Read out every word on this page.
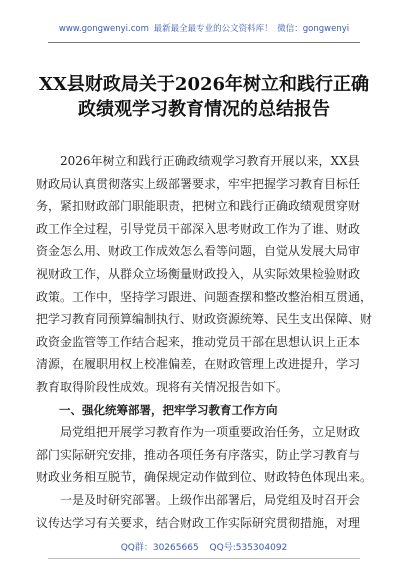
www.gongwenyi.com 最新最全最专业的公文资料库！ 微信：gongwenyi
XX县财政局关于2026年树立和践行正确
政绩观学习教育情况的总结报告
　　2026年树立和践行正确政绩观学习教育开展以来，XX县
财政局认真贯彻落实上级部署要求，牢牢把握学习教育目标任
务，紧扣财政部门职能职责，把树立和践行正确政绩观贯穿财
政工作全过程，引导党员干部深入思考财政工作为了谁、财政
资金怎么用、财政工作成效怎么看等问题，自觉从发展大局审
视财政工作，从群众立场衡量财政投入，从实际效果检验财政
政策。工作中，坚持学习跟进、问题查摆和整改整治相互贯通，
把学习教育同预算编制执行、财政资源统筹、民生支出保障、财
政资金监管等工作结合起来，推动党员干部在思想认识上正本
清源，在履职用权上校准偏差，在财政管理上改进提升，学习
教育取得阶段性成效。现将有关情况报告如下。
　　一、强化统筹部署，把牢学习教育工作方向
　　局党组把开展学习教育作为一项重要政治任务，立足财政
部门实际研究安排，推动各项任务有序落实，防止学习教育与
财政业务相互脱节，确保规定动作做到位、财政特色体现出来。
　　一是及时研究部署。上级作出部署后，局党组及时召开会
议传达学习有关要求，结合财政工作实际研究贯彻措施，对理
QQ群：30265665 QQ号:535304092
